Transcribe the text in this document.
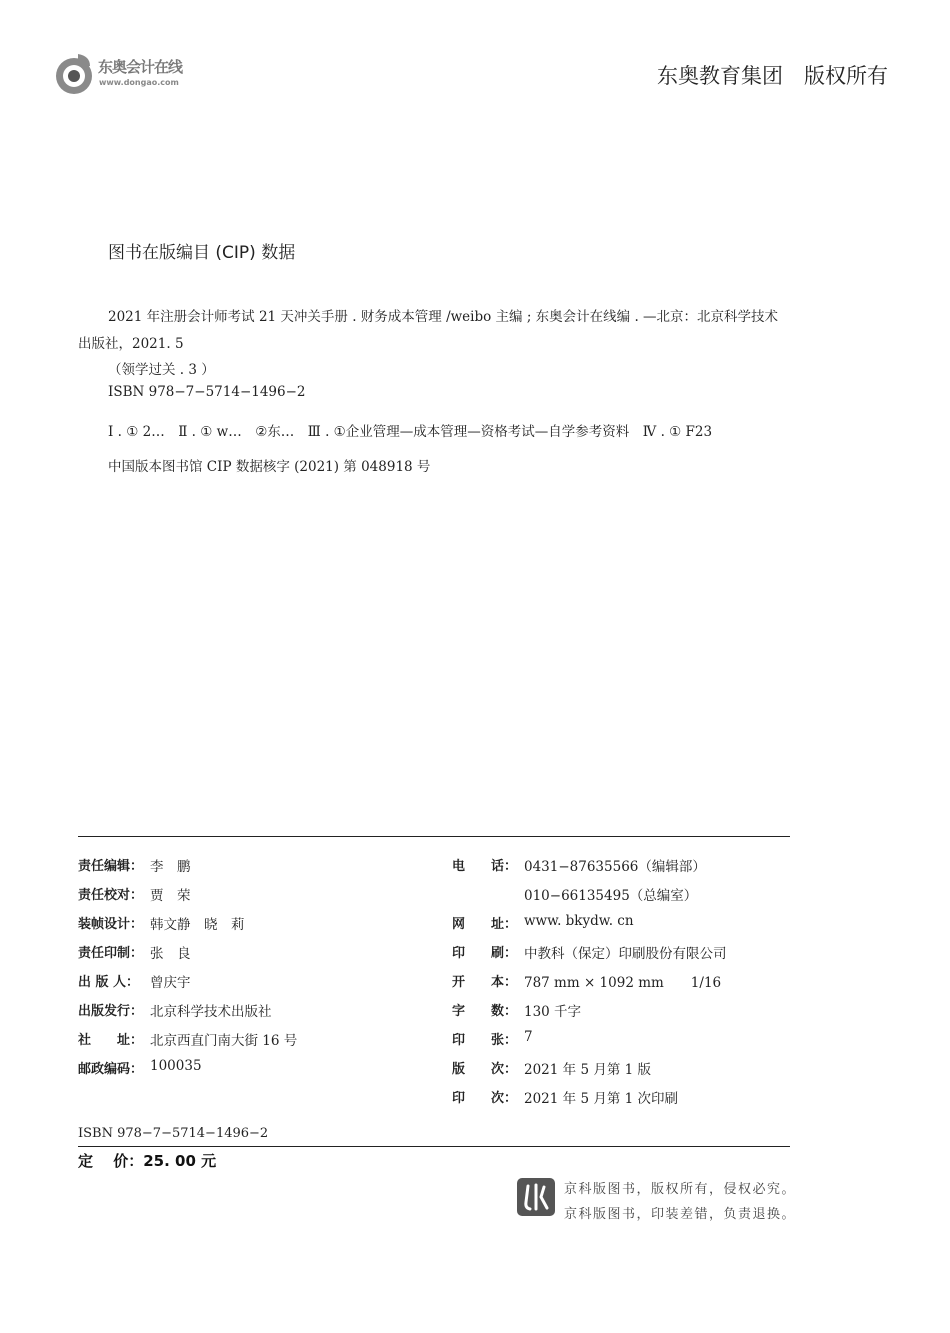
东奥会计在线
www.dongao.com	东奥教育集团　版权所有
图书在版编目 (CIP) 数据
2021 年注册会计师考试 21 天冲关手册 . 财务成本管理 /weibo 主编 ; 东奥会计在线编 . —北京：北京科学技术
出版社，2021. 5
（领学过关 . 3 ）
ISBN 978−7−5714−1496−2
Ⅰ . ① 2…　Ⅱ . ① w…　②东…　Ⅲ . ①企业管理—成本管理—资格考试—自学参考资料　Ⅳ . ① F23
中国版本图书馆 CIP 数据核字 (2021) 第 048918 号
责任编辑： 李　鹏
责任校对： 贾　荣
装帧设计： 韩文静　晓　莉
责任印制： 张　良
出 版 人： 曾庆宇
出版发行： 北京科学技术出版社
社　　址： 北京西直门南大街 16 号
邮政编码： 100035
电　　话： 0431−87635566（编辑部）
010−66135495（总编室）
网　　址： www. bkydw. cn
印　　刷： 中教科（保定）印刷股份有限公司
开　　本： 787 mm × 1092 mm　　1/16
字　　数： 130 千字
印　　张： 7
版　　次： 2021 年 5 月第 1 版
印　　次： 2021 年 5 月第 1 次印刷
ISBN 978−7−5714−1496−2
定　 价：25. 00 元
京科版图书，版权所有，侵权必究。
京科版图书，印装差错，负责退换。
